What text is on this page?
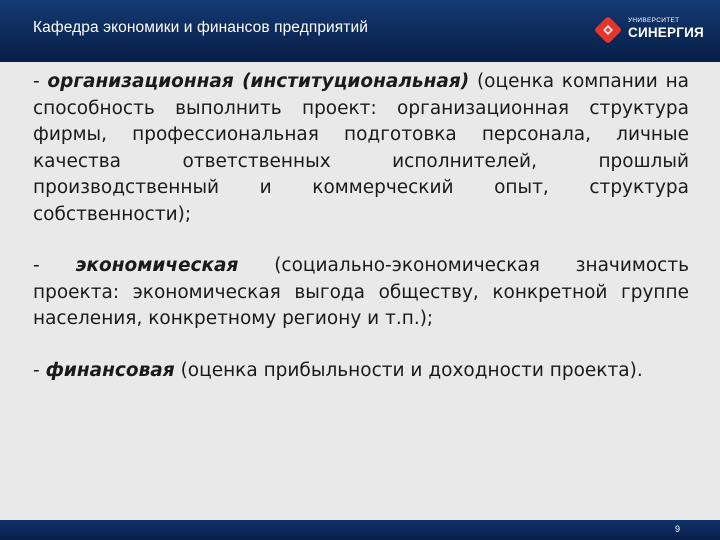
Кафедра экономики и финансов предприятий	УНИВЕРСИТЕТ
СИНЕРГИЯ

- организационная (институциональная) (оценка компании на способность выполнить проект: организационная структура фирмы, профессиональная подготовка персонала, личные качества ответственных исполнителей, прошлый производственный и коммерческий опыт, структура собственности);

- экономическая (социально-экономическая значимость проекта: экономическая выгода обществу, конкретной группе населения, конкретному региону и т.п.);

- финансовая (оценка прибыльности и доходности проекта).

9
